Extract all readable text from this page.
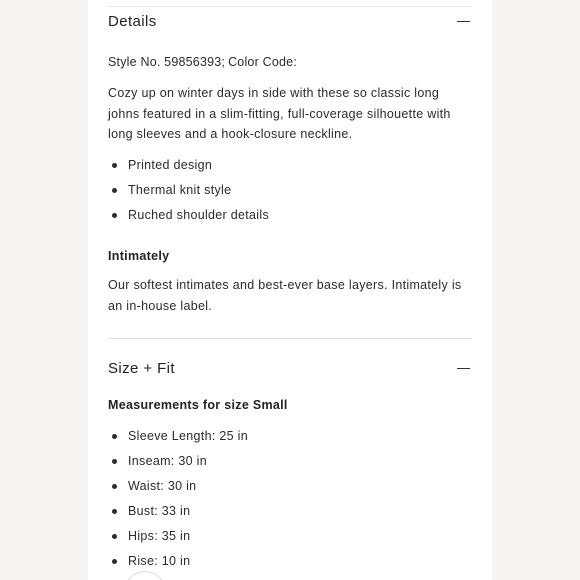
Details
Style No. 59856393; Color Code:
Cozy up on winter days in side with these so classic long johns featured in a slim-fitting, full-coverage silhouette with long sleeves and a hook-closure neckline.
Printed design
Thermal knit style
Ruched shoulder details
Intimately
Our softest intimates and best-ever base layers. Intimately is an in-house label.
Size + Fit
Measurements for size Small
Sleeve Length: 25 in
Inseam: 30 in
Waist: 30 in
Bust: 33 in
Hips: 35 in
Rise: 10 in
